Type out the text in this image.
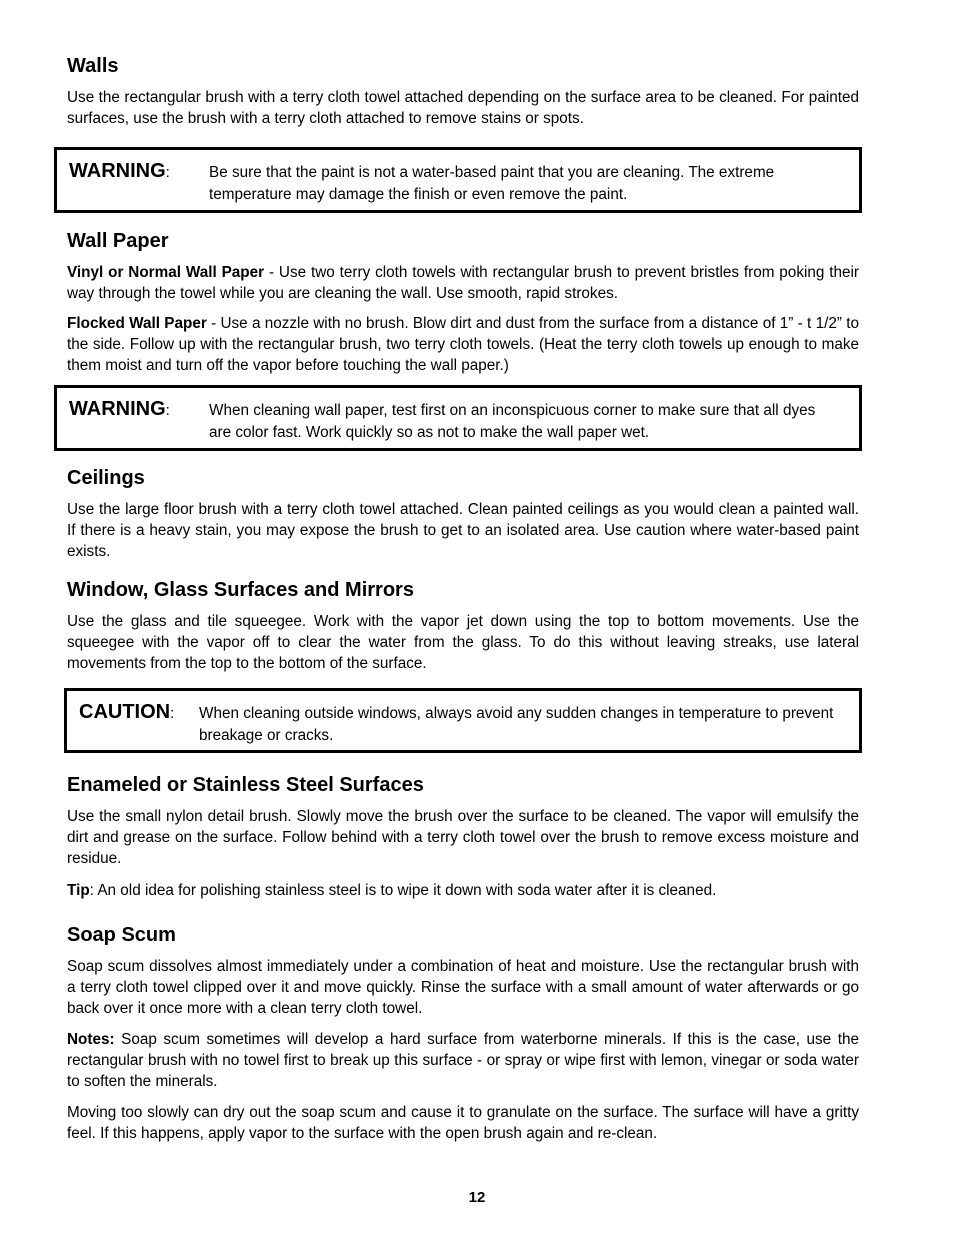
Walls

Use the rectangular brush with a terry cloth towel attached depending on the surface area to be cleaned. For painted surfaces, use the brush with a terry cloth attached to remove stains or spots.

Wall Paper

Vinyl or Normal Wall Paper - Use two terry cloth towels with rectangular brush to prevent bristles from poking their way through the towel while you are cleaning the wall. Use smooth, rapid strokes.

Flocked Wall Paper - Use a nozzle with no brush. Blow dirt and dust from the surface from a distance of 1” - t 1/2” to the side. Follow up with the rectangular brush, two terry cloth towels. (Heat the terry cloth towels up enough to make them moist and turn off the vapor before touching the wall paper.)

Ceilings

Use the large floor brush with a terry cloth towel attached. Clean painted ceilings as you would clean a painted wall. If there is a heavy stain, you may expose the brush to get to an isolated area. Use caution where water-based paint exists.

Window, Glass Surfaces and Mirrors

Use the glass and tile squeegee. Work with the vapor jet down using the top to bottom movements. Use the squeegee with the vapor off to clear the water from the glass. To do this without leaving streaks, use lateral movements from the top to the bottom of the surface.

Enameled or Stainless Steel Surfaces

Use the small nylon detail brush. Slowly move the brush over the surface to be cleaned. The vapor will emulsify the dirt and grease on the surface. Follow behind with a terry cloth towel over the brush to remove excess moisture and residue.

Tip: An old idea for polishing stainless steel is to wipe it down with soda water after it is cleaned.

Soap Scum

Soap scum dissolves almost immediately under a combination of heat and moisture. Use the rectangular brush with a terry cloth towel clipped over it and move quickly. Rinse the surface with a small amount of water afterwards or go back over it once more with a clean terry cloth towel.

Notes: Soap scum sometimes will develop a hard surface from waterborne minerals. If this is the case, use the rectangular brush with no towel first to break up this surface - or spray or wipe first with lemon, vinegar or soda water to soften the minerals.

Moving too slowly can dry out the soap scum and cause it to granulate on the surface. The surface will have a gritty feel. If this happens, apply vapor to the surface with the open brush again and re-clean.

WARNING:	Be sure that the paint is not a water-based paint that you are cleaning. The extreme temperature may damage the finish or even remove the paint.
WARNING:	When cleaning wall paper, test first on an inconspicuous corner to make sure that all dyes are color fast. Work quickly so as not to make the wall paper wet.
CAUTION: When cleaning outside windows, always avoid any sudden changes in temperature to prevent breakage or cracks.
12
